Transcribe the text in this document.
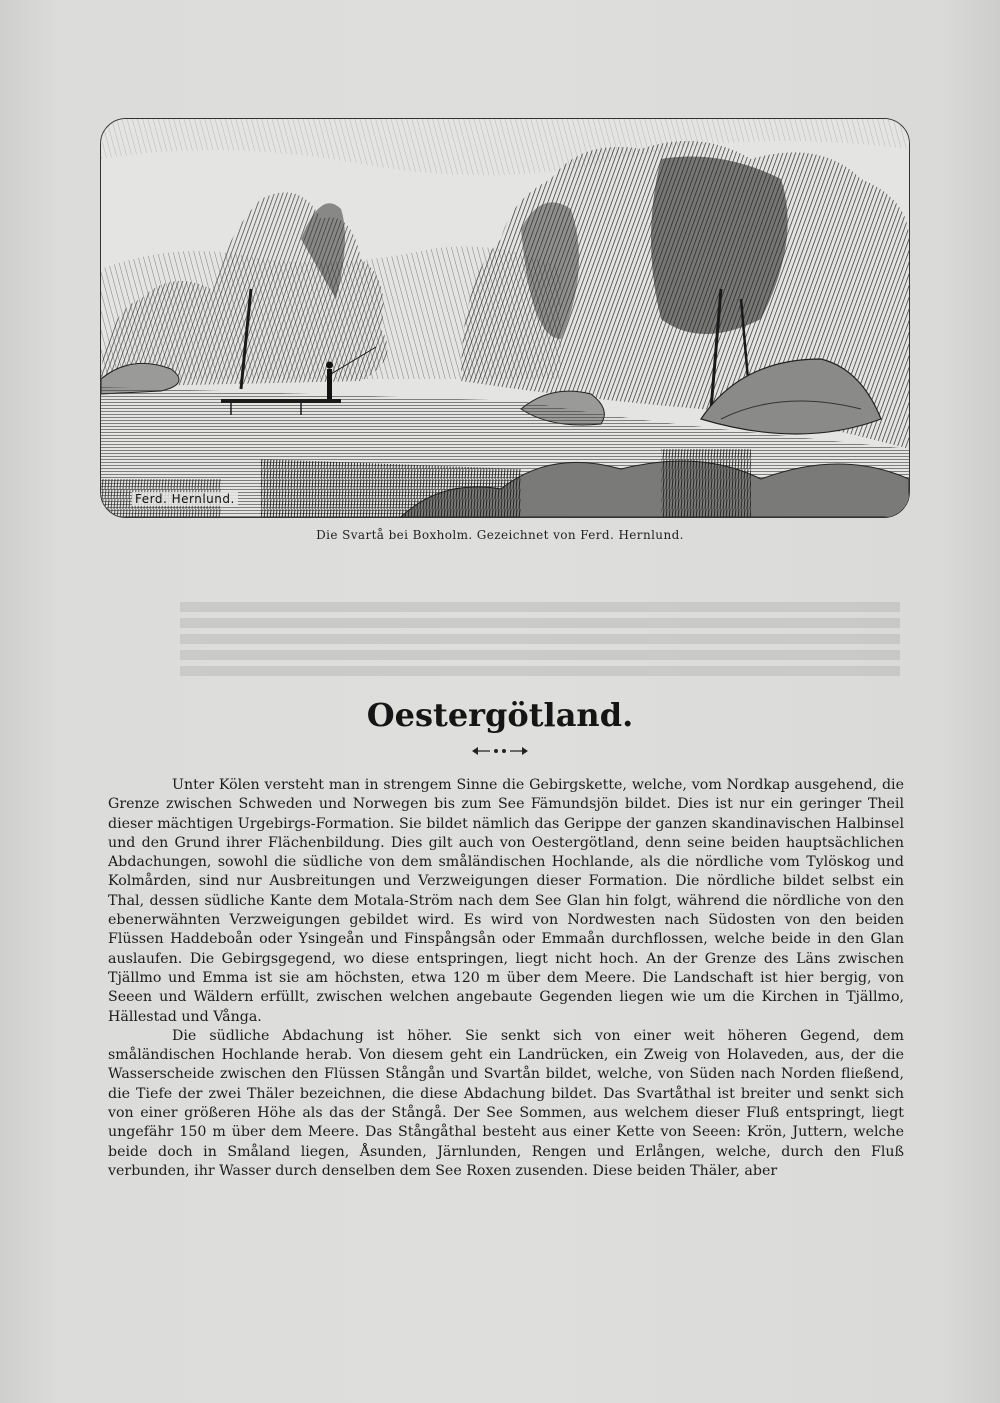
Ferd. Hernlund.
Die Svartå bei Boxholm. Gezeichnet von Ferd. Hernlund.
Oestergötland.

Unter Kölen versteht man in strengem Sinne die Gebirgskette, welche, vom Nordkap ausgehend, die Grenze zwischen Schweden und Norwegen bis zum See Fämundsjön bildet. Dies ist nur ein geringer Theil dieser mächtigen Urgebirgs-Formation. Sie bildet nämlich das Gerippe der ganzen skandinavischen Halbinsel und den Grund ihrer Flächenbildung. Dies gilt auch von Oestergötland, denn seine beiden hauptsächlichen Abdachungen, sowohl die südliche von dem småländischen Hochlande, als die nördliche vom Tylöskog und Kolmården, sind nur Ausbreitungen und Verzweigungen dieser Formation. Die nördliche bildet selbst ein Thal, dessen südliche Kante dem Motala-Ström nach dem See Glan hin folgt, während die nördliche von den ebenerwähnten Verzweigungen gebildet wird. Es wird von Nordwesten nach Südosten von den beiden Flüssen Haddeboån oder Ysingeån und Finspångsån oder Emmaån durchflossen, welche beide in den Glan auslaufen. Die Gebirgsgegend, wo diese entspringen, liegt nicht hoch. An der Grenze des Läns zwischen Tjällmo und Emma ist sie am höchsten, etwa 120 m über dem Meere. Die Landschaft ist hier bergig, von Seeen und Wäldern erfüllt, zwischen welchen angebaute Gegenden liegen wie um die Kirchen in Tjällmo, Hällestad und Vånga.

Die südliche Abdachung ist höher. Sie senkt sich von einer weit höheren Gegend, dem småländischen Hochlande herab. Von diesem geht ein Landrücken, ein Zweig von Holaveden, aus, der die Wasserscheide zwischen den Flüssen Stångån und Svartån bildet, welche, von Süden nach Norden fließend, die Tiefe der zwei Thäler bezeichnen, die diese Abdachung bildet. Das Svartåthal ist breiter und senkt sich von einer größeren Höhe als das der Stångå. Der See Sommen, aus welchem dieser Fluß entspringt, liegt ungefähr 150 m über dem Meere. Das Stångåthal besteht aus einer Kette von Seeen: Krön, Juttern, welche beide doch in Småland liegen, Åsunden, Järnlunden, Rengen und Erlången, welche, durch den Fluß verbunden, ihr Wasser durch denselben dem See Roxen zusenden. Diese beiden Thäler, aber
